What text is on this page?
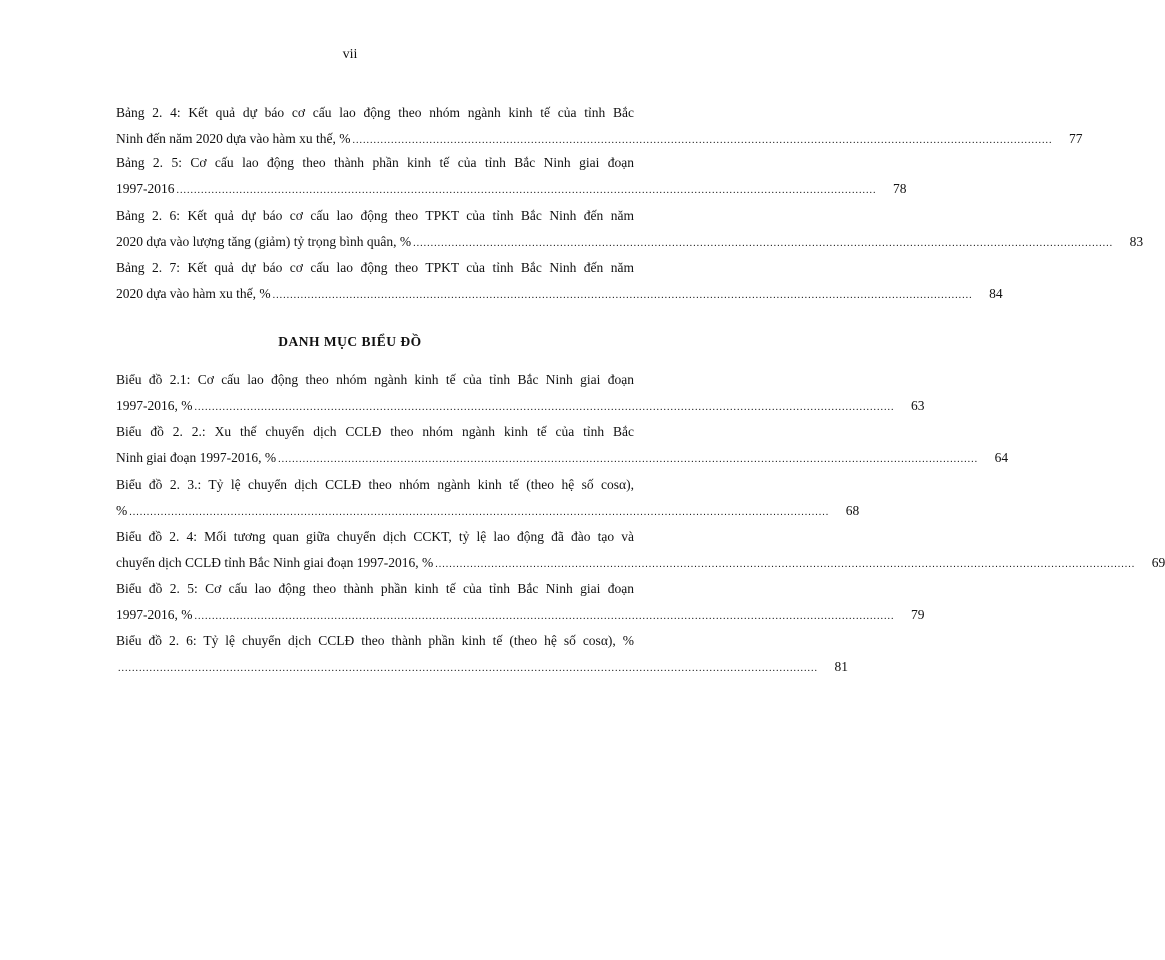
vii
Bảng 2. 4: Kết quả dự báo cơ cấu lao động theo nhóm ngành kinh tế của tỉnh Bắc
Ninh đến năm 2020 dựa vào hàm xu thế, % ........................................................................................................................................................................................................	77
Bảng 2. 5: Cơ cấu lao động theo thành phần kinh tế của tỉnh Bắc Ninh giai đoạn
1997-2016 ........................................................................................................................................................................................................	78
Bảng 2. 6: Kết quả dự báo cơ cấu lao động theo TPKT của tỉnh Bắc Ninh đến năm
2020 dựa vào lượng tăng (giảm) tỷ trọng bình quân, % ........................................................................................................................................................................................................	83
Bảng 2. 7: Kết quả dự báo cơ cấu lao động theo TPKT của tỉnh Bắc Ninh đến năm
2020 dựa vào hàm xu thế, % ........................................................................................................................................................................................................	84
DANH MỤC BIỂU ĐỒ
Biểu đồ 2.1: Cơ cấu lao động theo nhóm ngành kinh tế của tỉnh Bắc Ninh giai đoạn
1997-2016, % ........................................................................................................................................................................................................	63
Biểu đồ 2. 2.: Xu thế chuyển dịch CCLĐ theo nhóm ngành kinh tế của tỉnh Bắc
Ninh giai đoạn 1997-2016, % ........................................................................................................................................................................................................	64
Biểu đồ 2. 3.: Tỷ lệ chuyển dịch CCLĐ theo nhóm ngành kinh tế (theo hệ số cosα),
% ........................................................................................................................................................................................................	68
Biểu đồ 2. 4: Mối tương quan giữa chuyển dịch CCKT, tỷ lệ lao động đã đào tạo và
chuyển dịch CCLĐ tỉnh Bắc Ninh giai đoạn 1997-2016, % ........................................................................................................................................................................................................	69
Biểu đồ 2. 5: Cơ cấu lao động theo thành phần kinh tế của tỉnh Bắc Ninh giai đoạn
1997-2016, % ........................................................................................................................................................................................................	79
Biểu đồ 2. 6: Tỷ lệ chuyển dịch CCLĐ theo thành phần kinh tế (theo hệ số cosα), %
........................................................................................................................................................................................................	81
